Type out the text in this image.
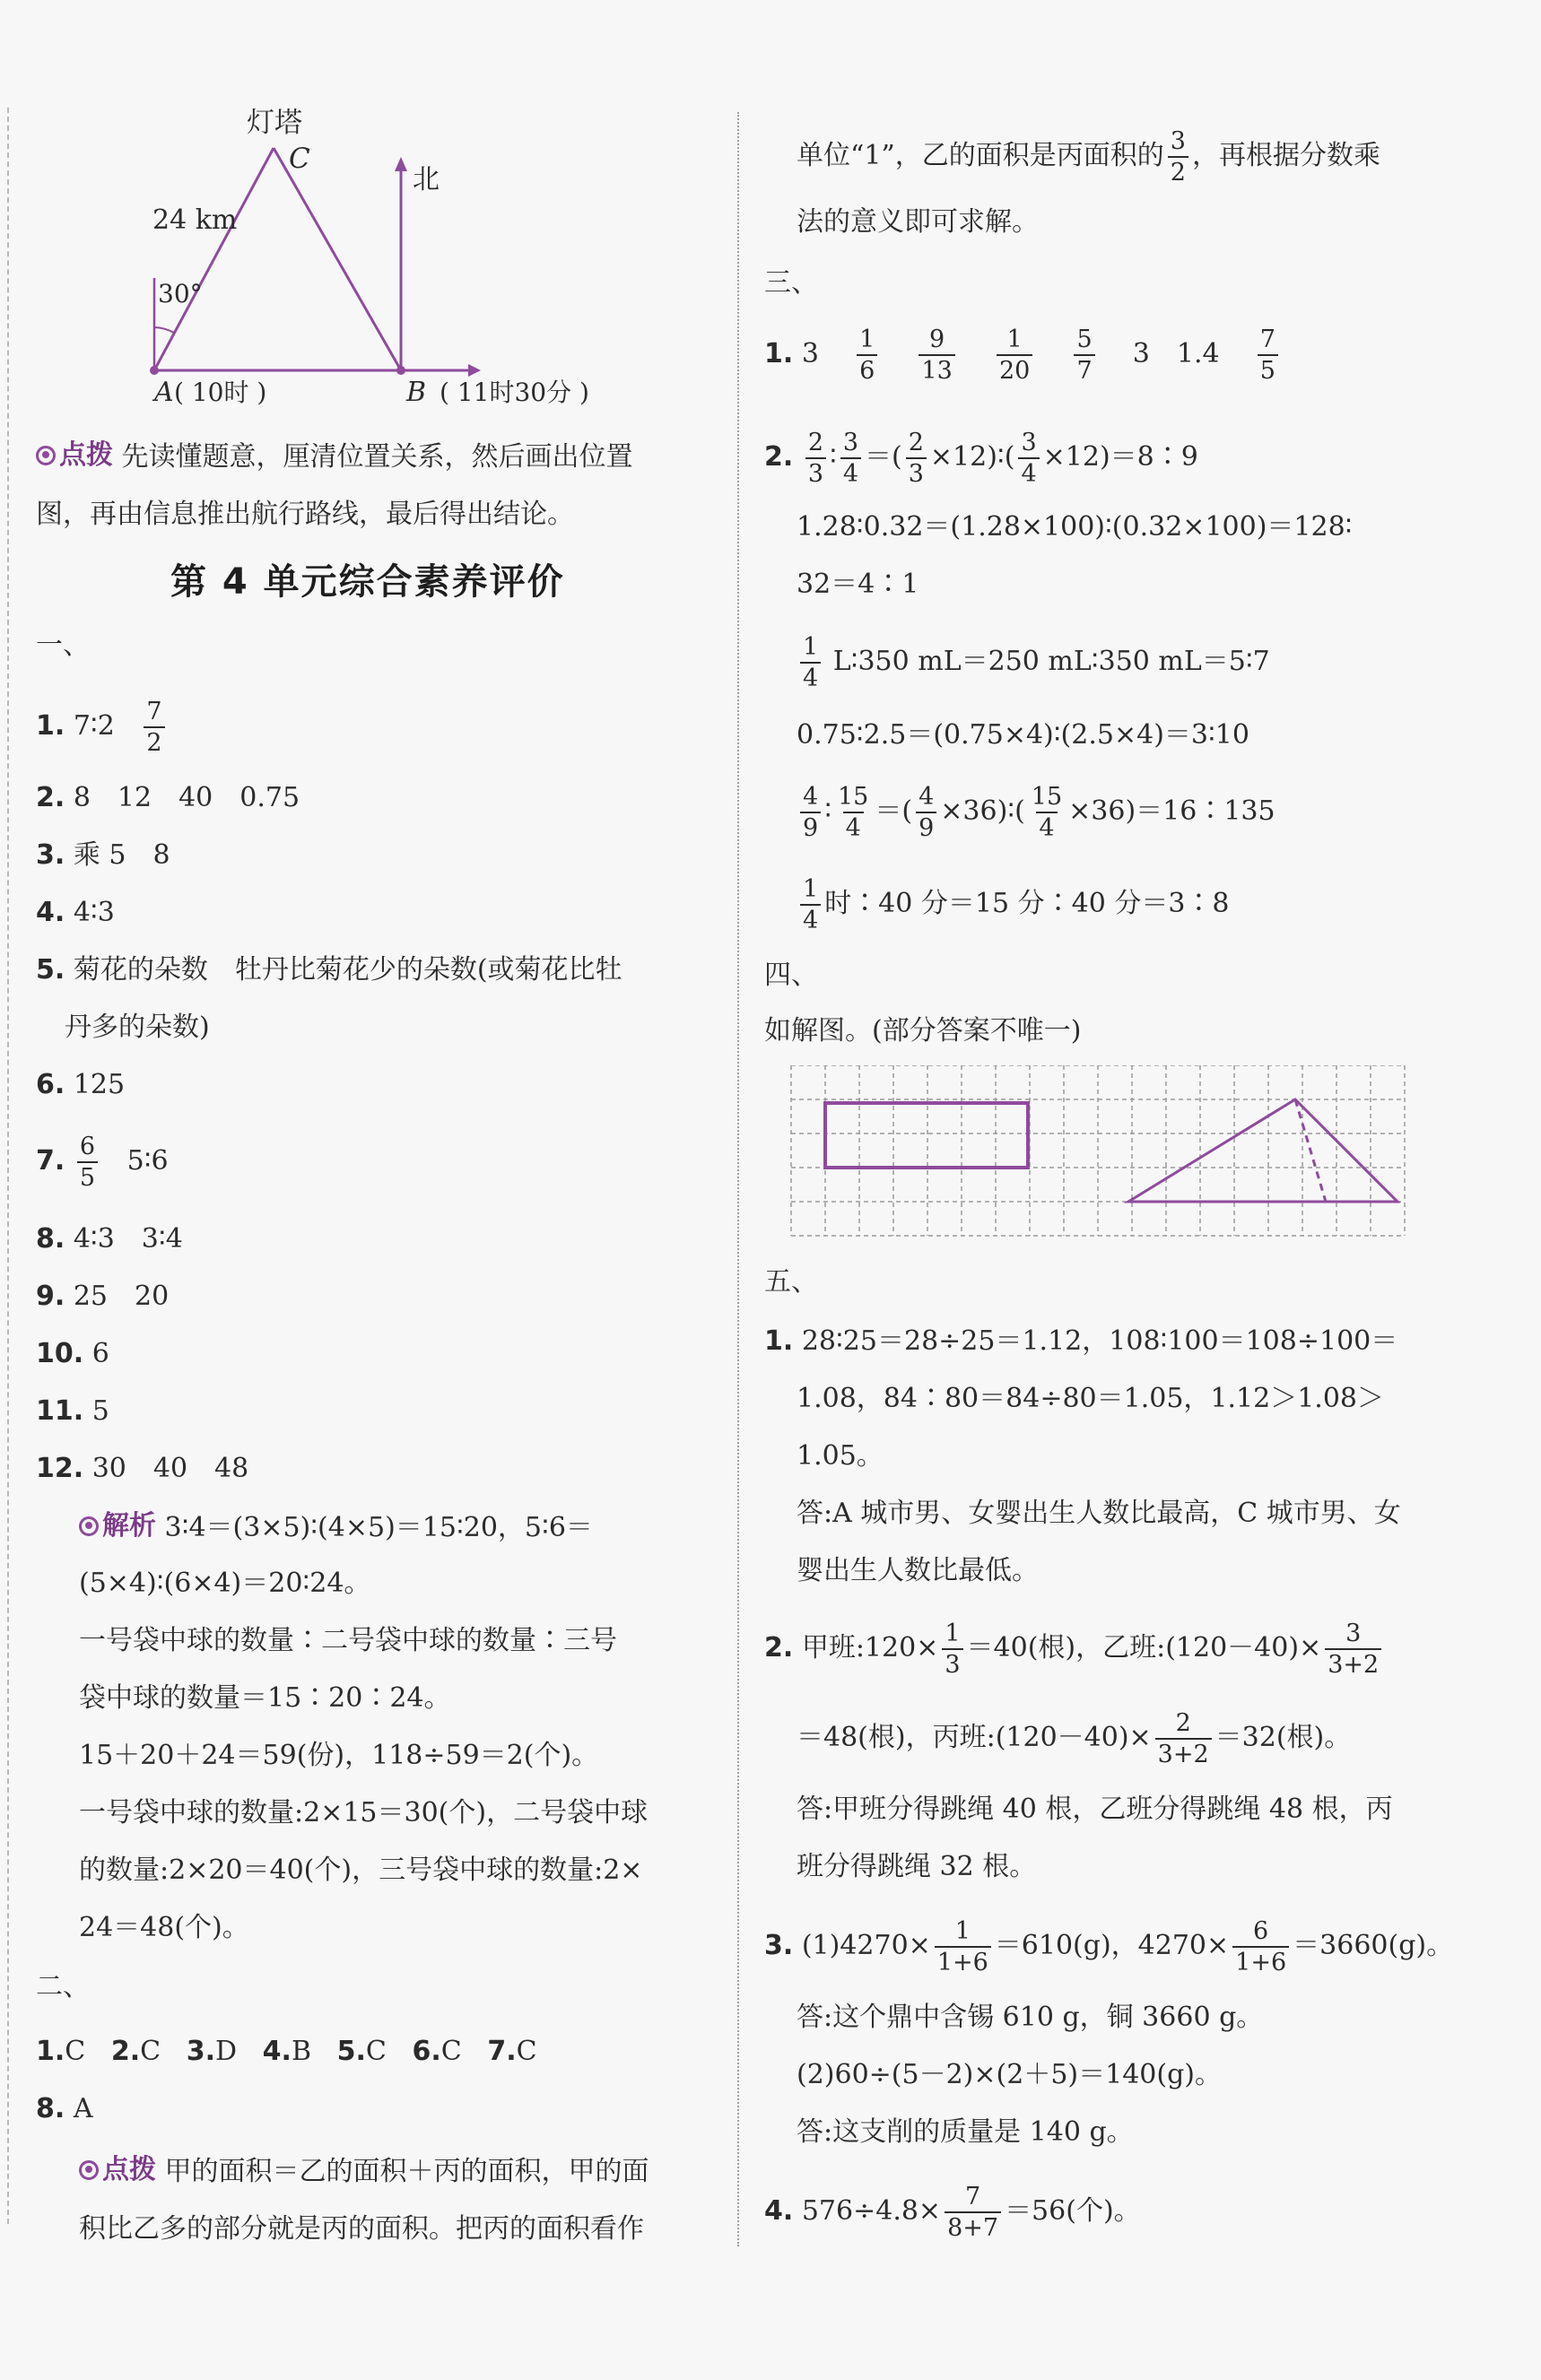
灯塔
C
24 km
北
30°
A ( 10时 )	B ( 11时30分 )
点拨 先读懂题意，厘清位置关系，然后画出位置
图，再由信息推出航行路线，最后得出结论。
第 4 单元综合素养评价
一、
1. 7∶2 $\frac{7}{2}$
2. 8　12　40　0.75
3. 乘 5　8
4. 4∶3
5. 菊花的朵数　牡丹比菊花少的朵数(或菊花比牡
丹多的朵数)
6. 125
7. $\frac{6}{5}$ 5∶6
8. 4∶3　3∶4
9. 25　20
10. 6
11. 5
12. 30　40　48
解析 3∶4＝(3×5)∶(4×5)＝15∶20，5∶6＝
(5×4)∶(6×4)＝20∶24。
一号袋中球的数量∶二号袋中球的数量∶三号
袋中球的数量＝15∶20∶24。
15＋20＋24＝59(份)，118÷59＝2(个)。
一号袋中球的数量:2×15＝30(个)，二号袋中球
的数量:2×20＝40(个)，三号袋中球的数量:2×
24＝48(个)。
二、
1.C 2.C 3.D 4.B 5.C 6.C 7.C
8. A
点拨 甲的面积＝乙的面积＋丙的面积，甲的面
积比乙多的部分就是丙的面积。把丙的面积看作
单位“1”，乙的面积是丙面积的 $\frac{3}{2}$ ，再根据分数乘
法的意义即可求解。
三、
1. $3 \frac{1}{6}$
$\frac{9}{13}$
$\frac{1}{20}$
$\frac{5}{7} 3$　$1.4 \frac{7}{5}$
2. $\frac{2}{3}$ ∶ $\frac{3}{4}$ ＝( $\frac{2}{3}$ ×12)∶( $\frac{3}{4}$ ×12)＝8∶9
1.28∶0.32＝(1.28×100)∶(0.32×100)＝128∶
32＝4∶1
$\frac{1}{4}$ L∶350 mL＝250 mL∶350 mL＝5∶7
0.75∶2.5＝(0.75×4)∶(2.5×4)＝3∶10
$\frac{4}{9}$ ∶ $\frac{15}{4}$ ＝( $\frac{4}{9}$ ×36)∶( $\frac{15}{4}$ ×36)＝16∶135
$\frac{1}{4}$ 时∶40 分＝15 分∶40 分＝3∶8
四、
如解图。(部分答案不唯一)
五、
1. 28∶25＝28÷25＝1.12，108∶100＝108÷100＝
1.08，84∶80＝84÷80＝1.05，1.12＞1.08＞
1.05。
答:A 城市男、女婴出生人数比最高，C 城市男、女
婴出生人数比最低。
2. 甲班:120× $\frac{1}{3} =40$(根)，乙班:(120－40)× $\frac{3}{3+2}$
＝48(根)，丙班:(120－40)× $\frac{2}{3+2} =32$(根)。
答:甲班分得跳绳 40 根，乙班分得跳绳 48 根，丙
班分得跳绳 32 根。
3. $(1)4270\times \frac{1}{1+6} =610(g)$，$4270\times \frac{6}{1+6} =3660(g)$。
答:这个鼎中含锡 610 g，铜 3660 g。
(2)60÷(5－2)×(2＋5)＝140(g)。
答:这支削的质量是 140 g。
4. $576\div 4.8\times \frac{7}{8+7} =56$(个)。
